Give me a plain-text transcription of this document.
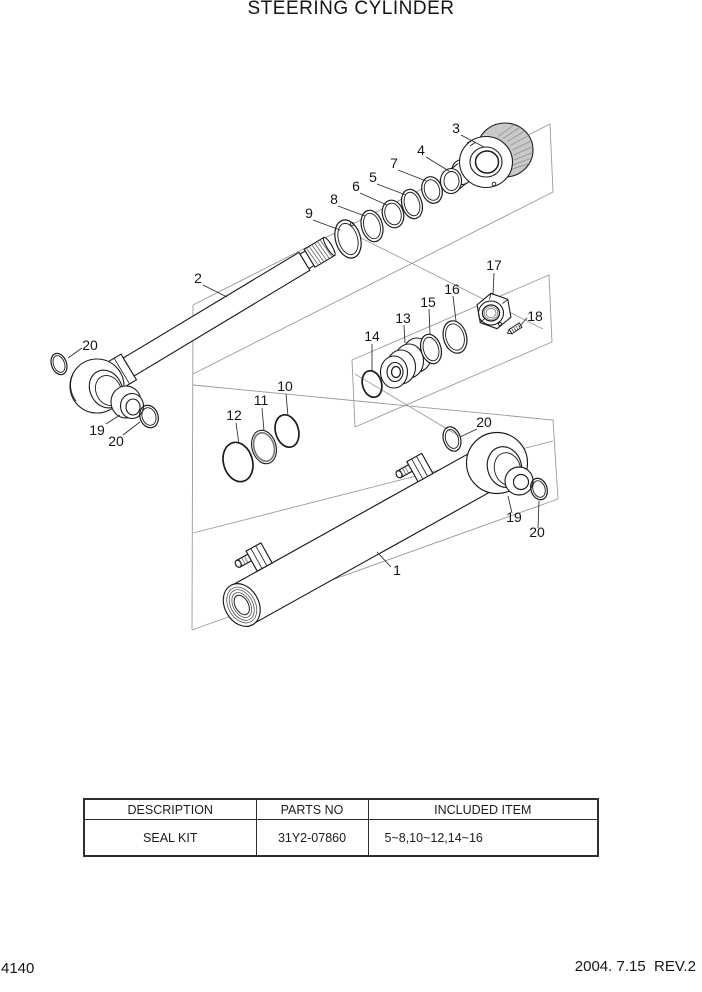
STEERING CYLINDER
3
4
7
5
6
8
9
2
17
16
15
13
14
18
20
19
20
10
11
12	20
19
20
1
DESCRIPTION	PARTS NO	INCLUDED ITEM
SEAL KIT	31Y2-07860	5~8,10~12,14~16
4140	2004. 7.15  REV.2
